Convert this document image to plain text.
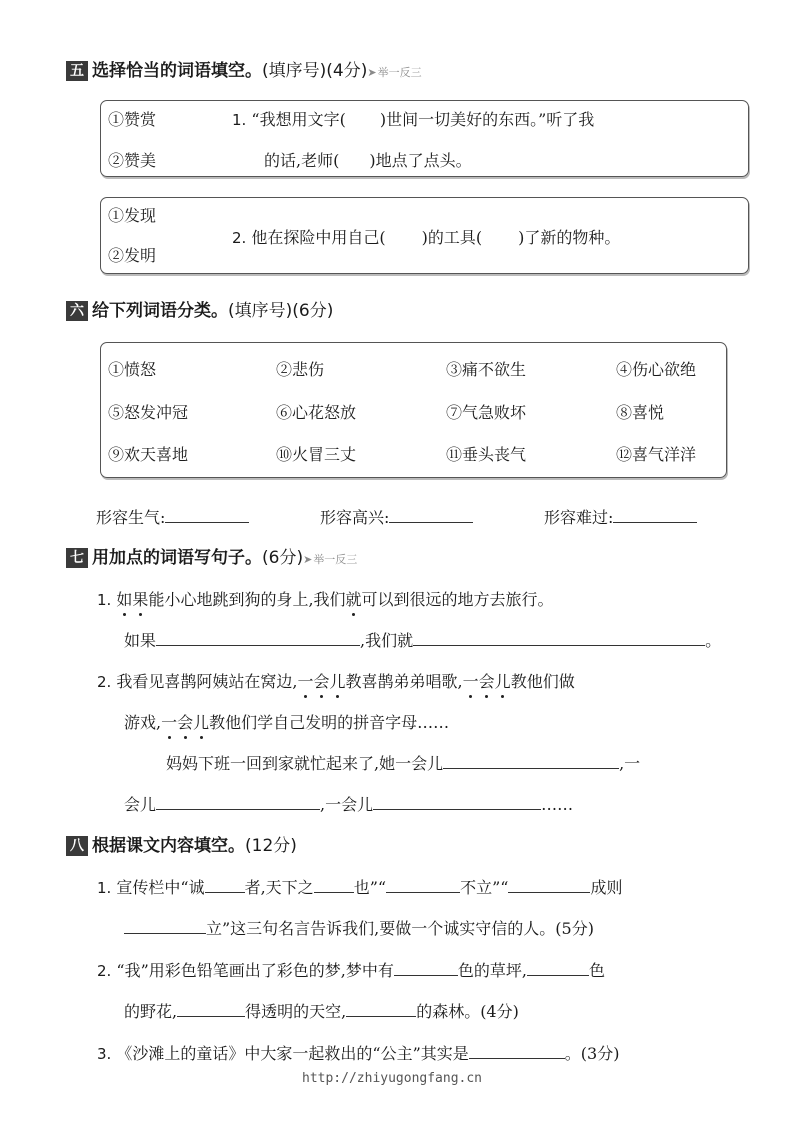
五 选择恰当的词语填空。(填序号)(4分) ➤ 举一反三
①赞赏
②赞美
1. “我想用文字( )世间一切美好的东西。”听了我
的话,老师( )地点了点头。
①发现
②发明
2. 他在探险中用自己( )的工具( )了新的物种。
六 给下列词语分类。(填序号)(6分)
①愤怒	②悲伤	③痛不欲生	④伤心欲绝
⑤怒发冲冠	⑥心花怒放	⑦气急败坏	⑧喜悦
⑨欢天喜地	⑩火冒三丈	⑪垂头丧气	⑫喜气洋洋
形容生气:	形容高兴:	形容难过:
七 用加点的词语写句子。(6分) ➤ 举一反三
1. 如果能小心地跳到狗的身上,我们就可以到很远的地方去旅行。
如果	,我们就	。
2. 我看见喜鹊阿姨站在窝边,一会儿教喜鹊弟弟唱歌,一会儿教他们做
游戏,一会儿教他们学自己发明的拼音字母……
妈妈下班一回到家就忙起来了,她一会儿	,一
会儿	,一会儿	……
八 根据课文内容填空。(12分)
1. 宣传栏中“诚	者,天下之	也”“	不立”“	成则
立”这三句名言告诉我们,要做一个诚实守信的人。(5分)
2. “我”用彩色铅笔画出了彩色的梦,梦中有	色的草坪,	色
的野花,	得透明的天空,	的森林。(4分)
3. 《沙滩上的童话》中大家一起救出的“公主”其实是	。(3分)
http://zhiyugongfang.cn
